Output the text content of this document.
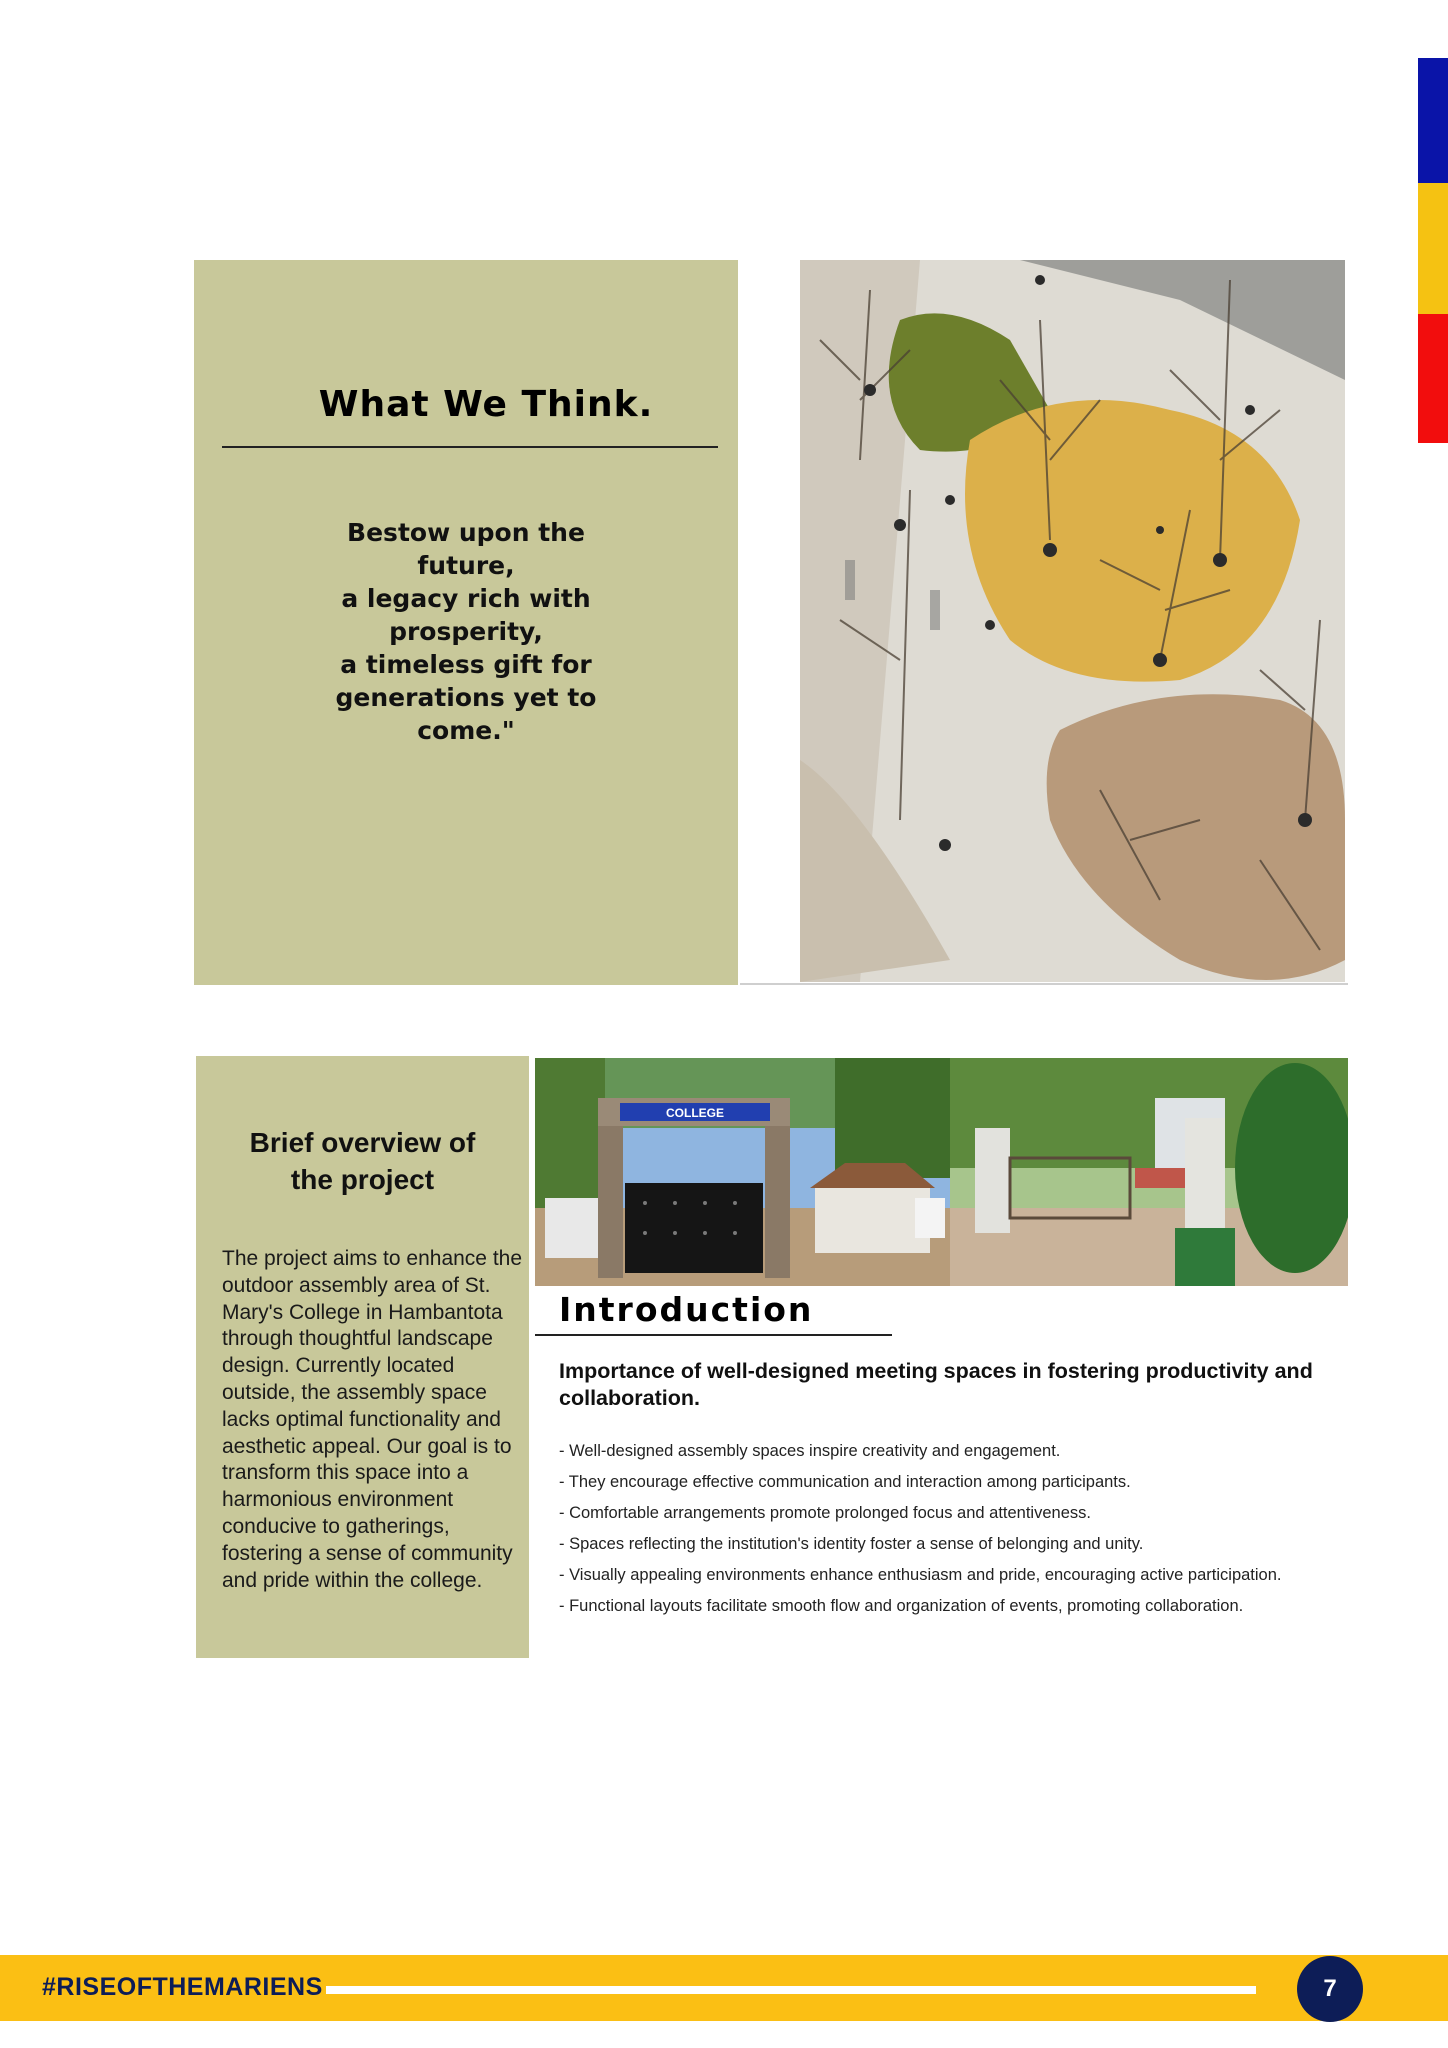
What We Think.

Bestow upon the
future,
a legacy rich with
prosperity,
a timeless gift for
generations yet to
come."

Brief overview of
the project

The project aims to enhance the outdoor assembly area of St. Mary's College in Hambantota through thoughtful landscape design. Currently located outside, the assembly space lacks optimal functionality and aesthetic appeal. Our goal is to transform this space into a harmonious environment conducive to gatherings, fostering a sense of community and pride within the college.

COLLEGE
Introduction

Importance of well-designed meeting spaces in fostering productivity and collaboration.

- Well-designed assembly spaces inspire creativity and engagement.
- They encourage effective communication and interaction among participants.
- Comfortable arrangements promote prolonged focus and attentiveness.
- Spaces reflecting the institution's identity foster a sense of belonging and unity.
- Visually appealing environments enhance enthusiasm and pride, encouraging active participation.
- Functional layouts facilitate smooth flow and organization of events, promoting collaboration.
#RISEOFTHEMARIENS	7
